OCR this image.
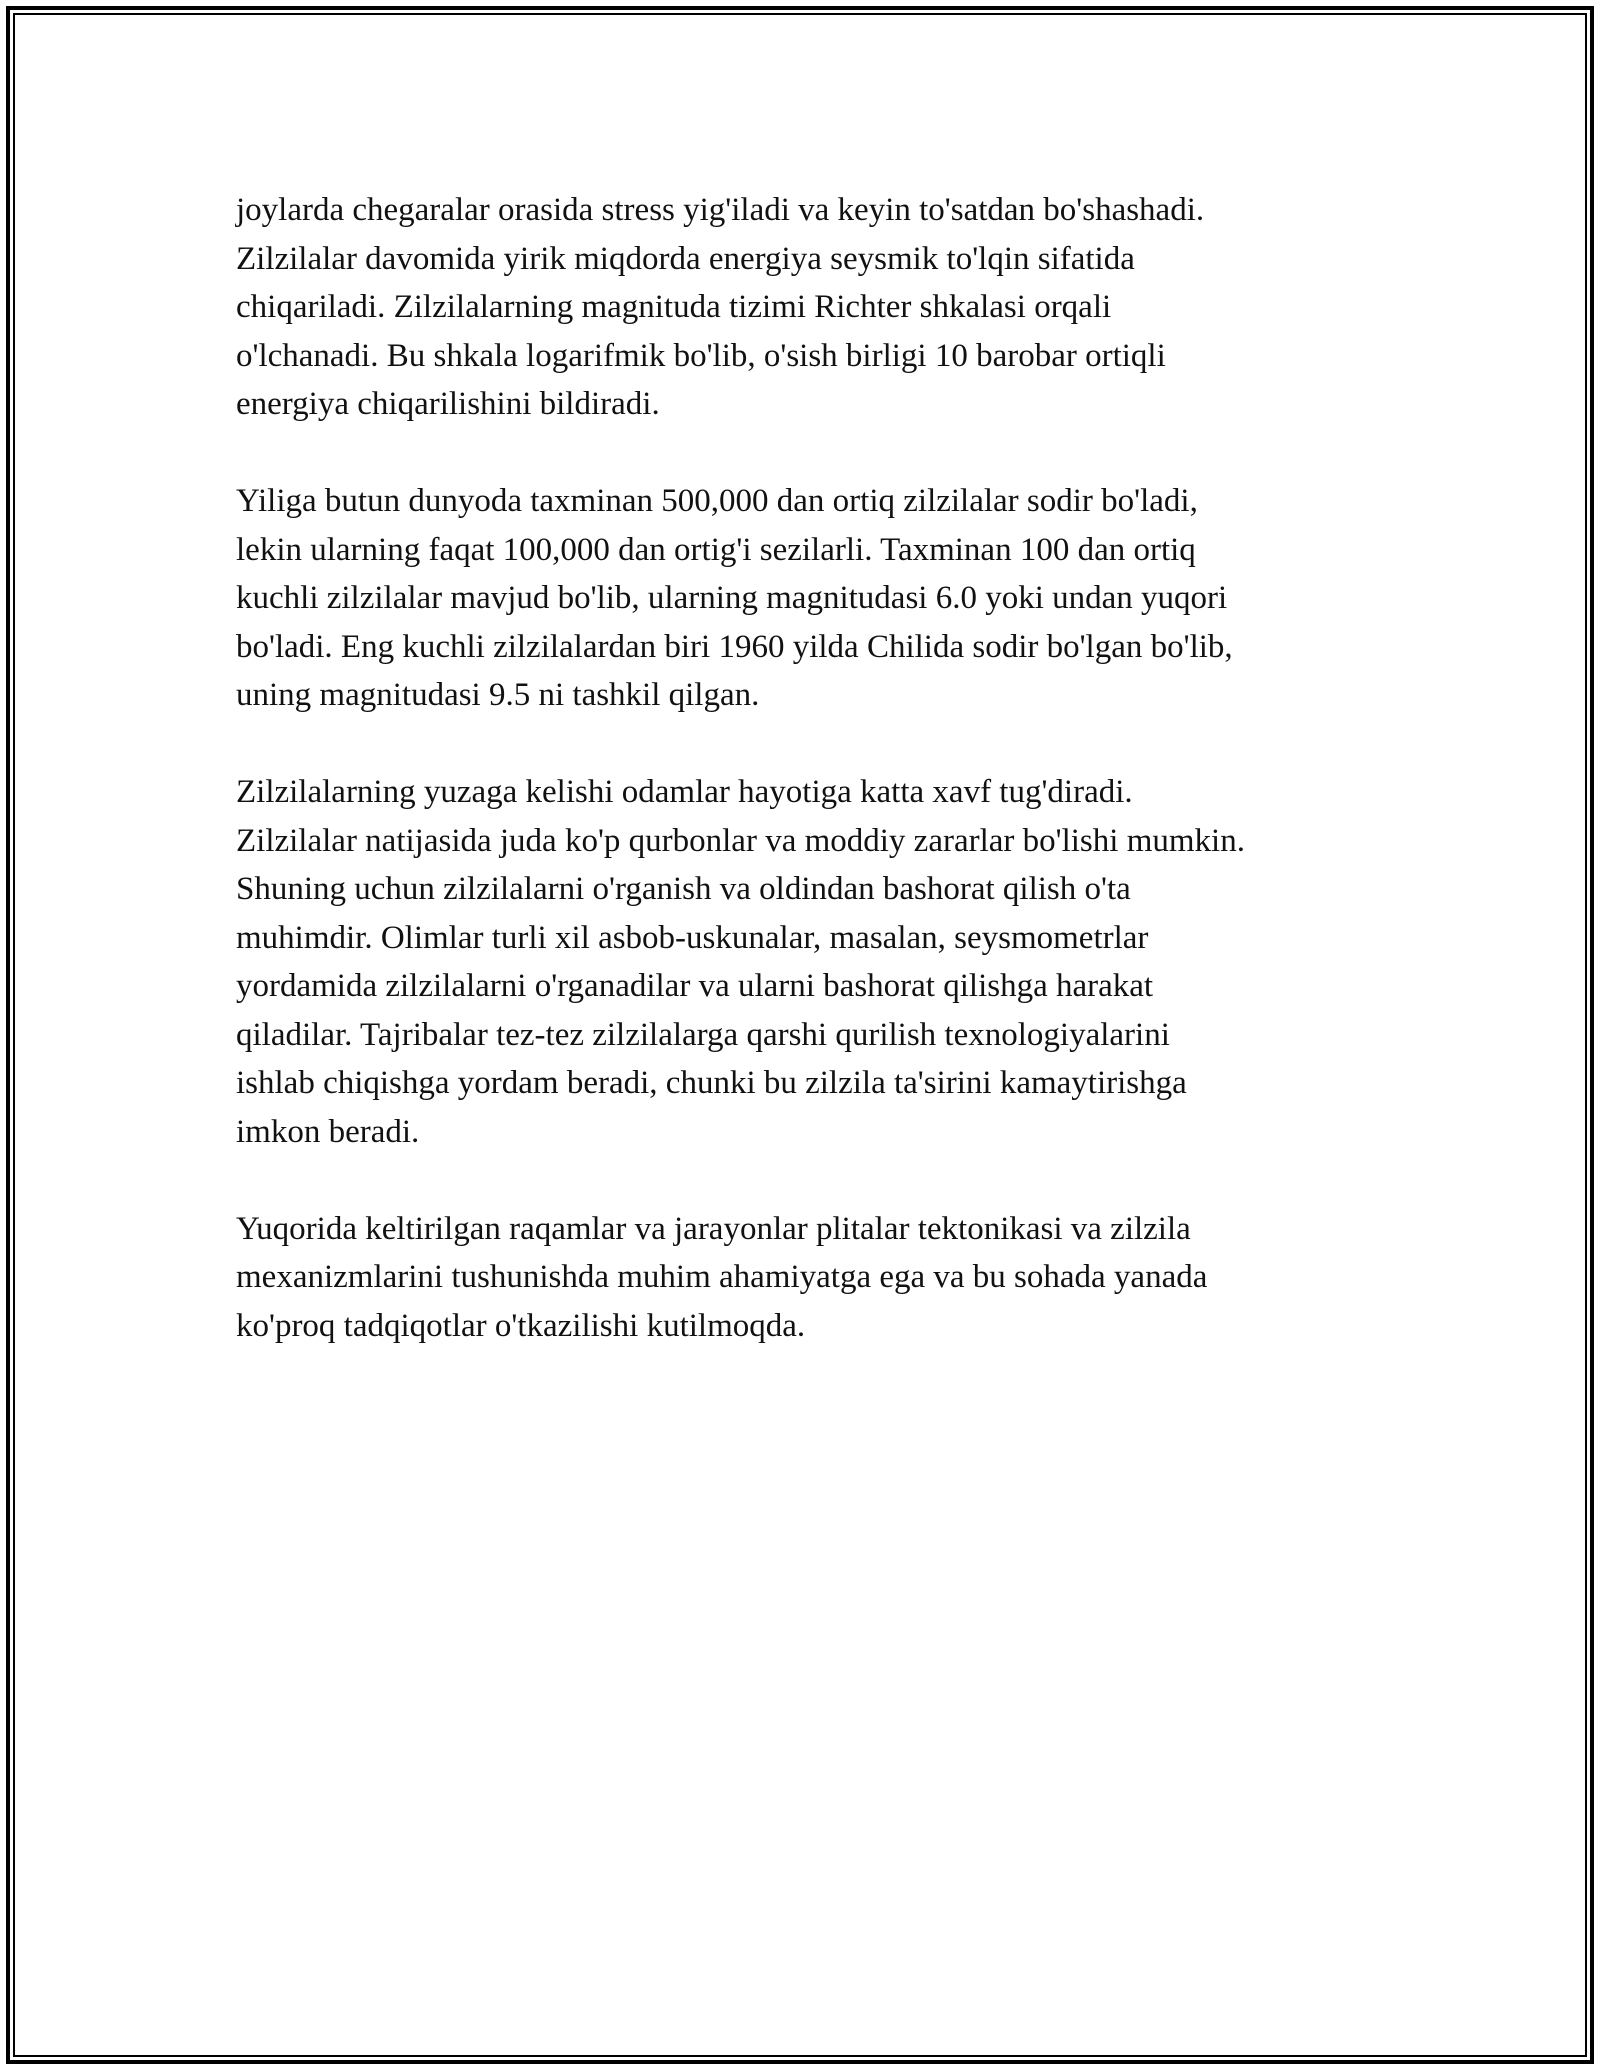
joylarda chegaralar orasida stress yig'iladi va keyin to'satdan bo'shashadi.
Zilzilalar davomida yirik miqdorda energiya seysmik to'lqin sifatida
chiqariladi. Zilzilalarning magnituda tizimi Richter shkalasi orqali
o'lchanadi. Bu shkala logarifmik bo'lib, o'sish birligi 10 barobar ortiqli
energiya chiqarilishini bildiradi.

Yiliga butun dunyoda taxminan 500,000 dan ortiq zilzilalar sodir bo'ladi,
lekin ularning faqat 100,000 dan ortig'i sezilarli. Taxminan 100 dan ortiq
kuchli zilzilalar mavjud bo'lib, ularning magnitudasi 6.0 yoki undan yuqori
bo'ladi. Eng kuchli zilzilalardan biri 1960 yilda Chilida sodir bo'lgan bo'lib,
uning magnitudasi 9.5 ni tashkil qilgan.

Zilzilalarning yuzaga kelishi odamlar hayotiga katta xavf tug'diradi.
Zilzilalar natijasida juda ko'p qurbonlar va moddiy zararlar bo'lishi mumkin.
Shuning uchun zilzilalarni o'rganish va oldindan bashorat qilish o'ta
muhimdir. Olimlar turli xil asbob-uskunalar, masalan, seysmometrlar
yordamida zilzilalarni o'rganadilar va ularni bashorat qilishga harakat
qiladilar. Tajribalar tez-tez zilzilalarga qarshi qurilish texnologiyalarini
ishlab chiqishga yordam beradi, chunki bu zilzila ta'sirini kamaytirishga
imkon beradi.

Yuqorida keltirilgan raqamlar va jarayonlar plitalar tektonikasi va zilzila
mexanizmlarini tushunishda muhim ahamiyatga ega va bu sohada yanada
ko'proq tadqiqotlar o'tkazilishi kutilmoqda.
